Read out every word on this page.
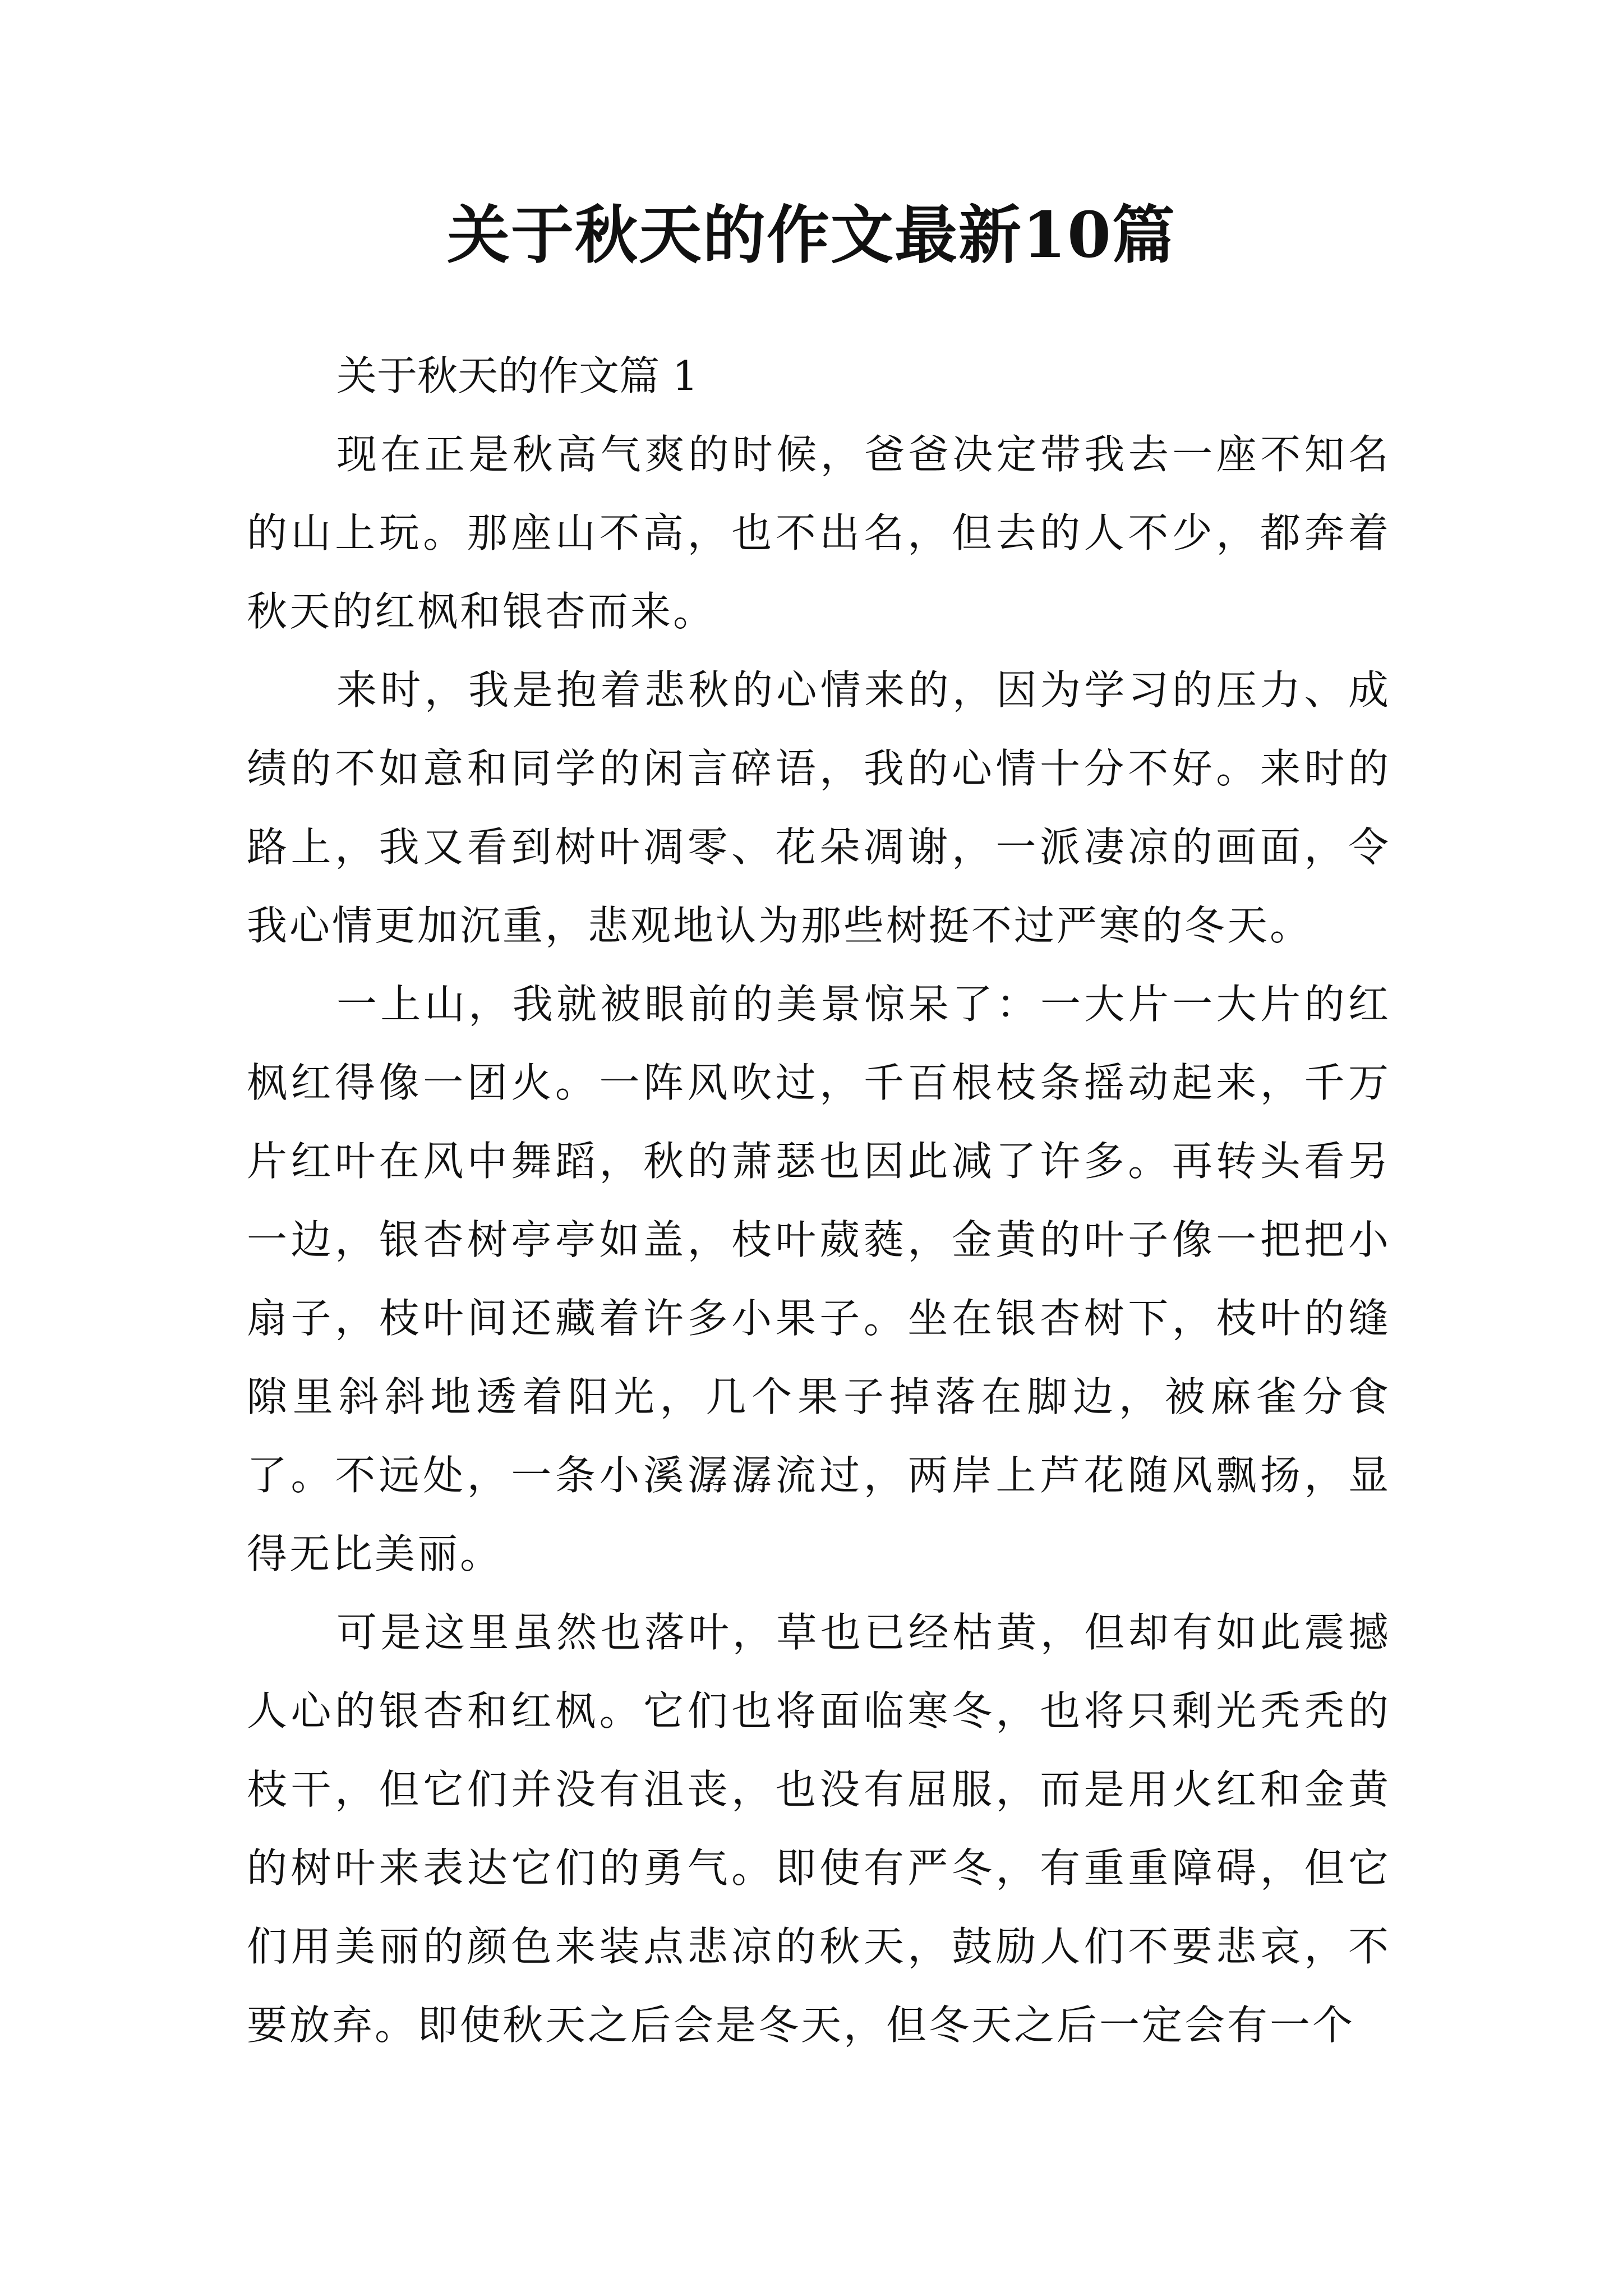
关于秋天的作文最新10篇

关于秋天的作文篇 1

现在正是秋高气爽的时候，爸爸决定带我去一座不知名的山上玩。那座山不高，也不出名，但去的人不少，都奔着秋天的红枫和银杏而来。

来时，我是抱着悲秋的心情来的，因为学习的压力、成绩的不如意和同学的闲言碎语，我的心情十分不好。来时的路上，我又看到树叶凋零、花朵凋谢，一派凄凉的画面，令我心情更加沉重，悲观地认为那些树挺不过严寒的冬天。

一上山，我就被眼前的美景惊呆了：一大片一大片的红枫红得像一团火。一阵风吹过，千百根枝条摇动起来，千万片红叶在风中舞蹈，秋的萧瑟也因此减了许多。再转头看另一边，银杏树亭亭如盖，枝叶葳蕤，金黄的叶子像一把把小扇子，枝叶间还藏着许多小果子。坐在银杏树下，枝叶的缝隙里斜斜地透着阳光，几个果子掉落在脚边，被麻雀分食了。不远处，一条小溪潺潺流过，两岸上芦花随风飘扬，显得无比美丽。

可是这里虽然也落叶，草也已经枯黄，但却有如此震撼人心的银杏和红枫。它们也将面临寒冬，也将只剩光秃秃的枝干，但它们并没有沮丧，也没有屈服，而是用火红和金黄的树叶来表达它们的勇气。即使有严冬，有重重障碍，但它们用美丽的颜色来装点悲凉的秋天，鼓励人们不要悲哀，不要放弃。即使秋天之后会是冬天，但冬天之后一定会有一个
